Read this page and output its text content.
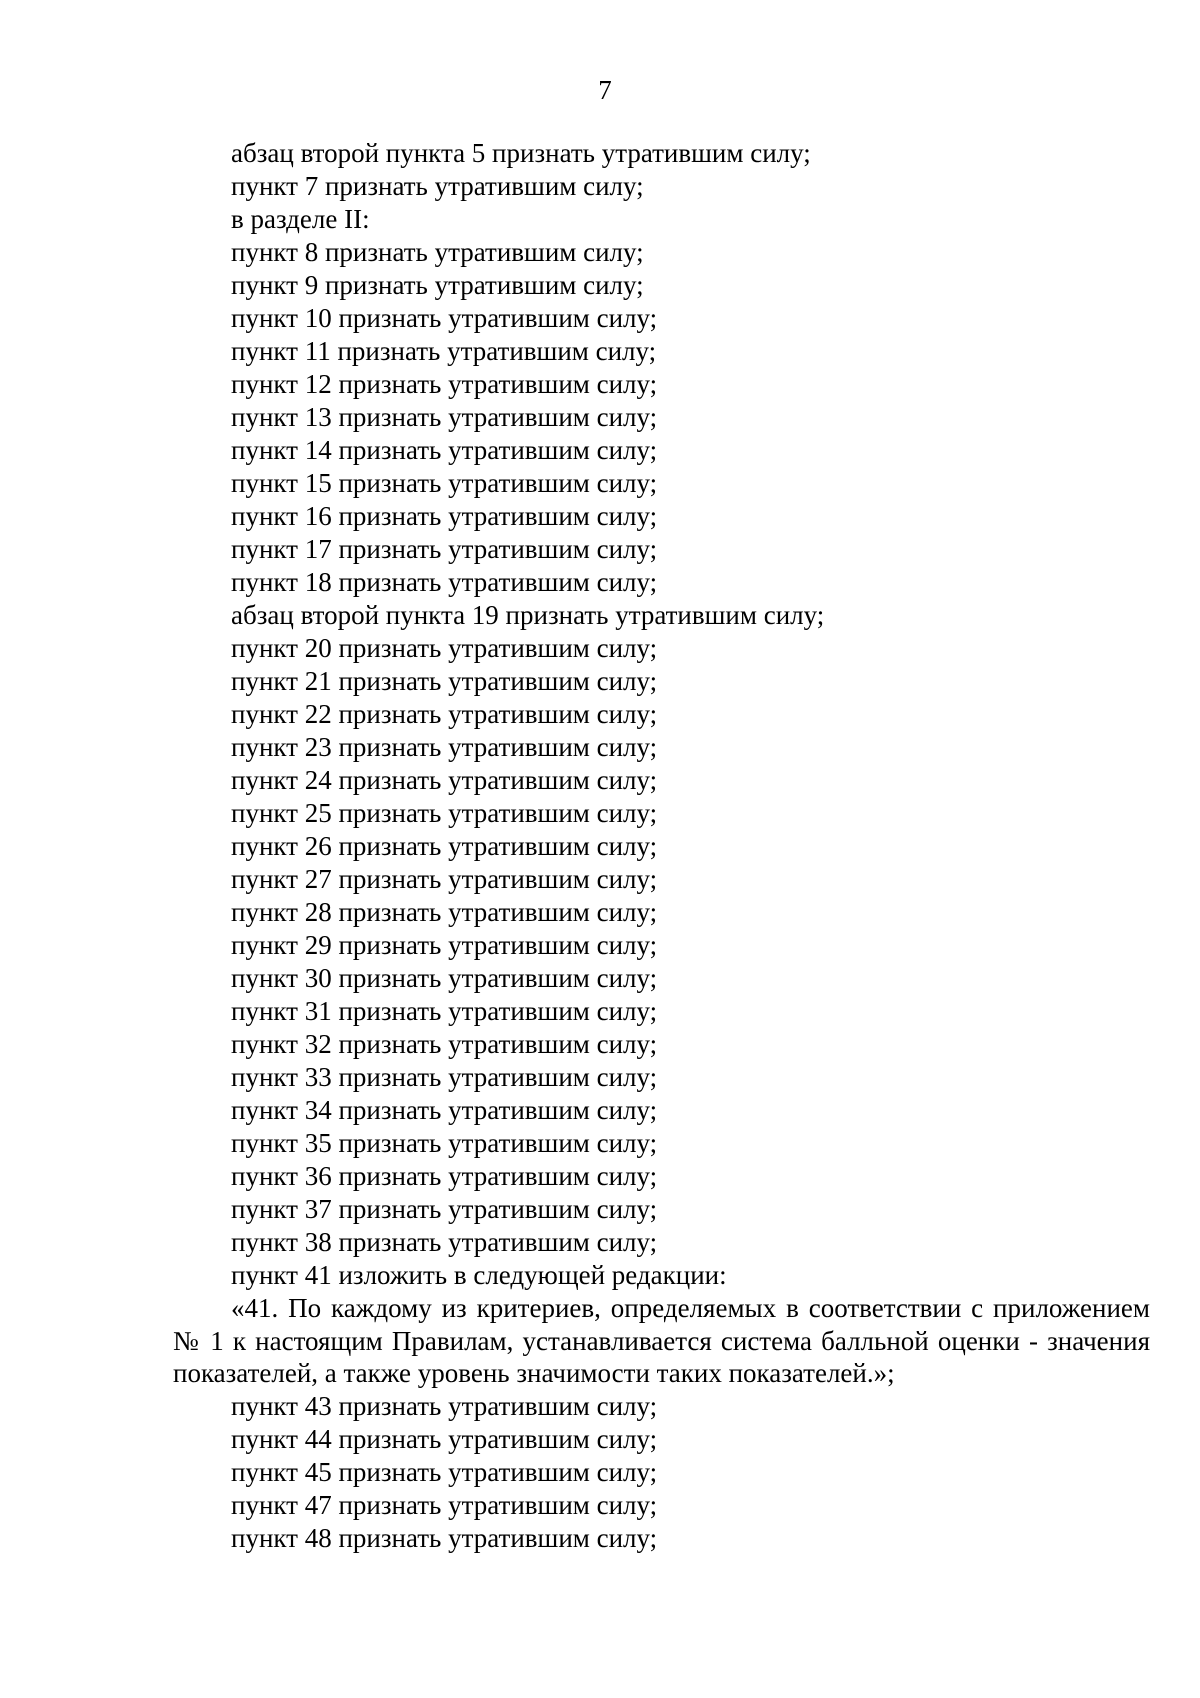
7
абзац второй пункта 5 признать утратившим силу;
пункт 7 признать утратившим силу;
в разделе II:
пункт 8 признать утратившим силу;
пункт 9 признать утратившим силу;
пункт 10 признать утратившим силу;
пункт 11 признать утратившим силу;
пункт 12 признать утратившим силу;
пункт 13 признать утратившим силу;
пункт 14 признать утратившим силу;
пункт 15 признать утратившим силу;
пункт 16 признать утратившим силу;
пункт 17 признать утратившим силу;
пункт 18 признать утратившим силу;
абзац второй пункта 19 признать утратившим силу;
пункт 20 признать утратившим силу;
пункт 21 признать утратившим силу;
пункт 22 признать утратившим силу;
пункт 23 признать утратившим силу;
пункт 24 признать утратившим силу;
пункт 25 признать утратившим силу;
пункт 26 признать утратившим силу;
пункт 27 признать утратившим силу;
пункт 28 признать утратившим силу;
пункт 29 признать утратившим силу;
пункт 30 признать утратившим силу;
пункт 31 признать утратившим силу;
пункт 32 признать утратившим силу;
пункт 33 признать утратившим силу;
пункт 34 признать утратившим силу;
пункт 35 признать утратившим силу;
пункт 36 признать утратившим силу;
пункт 37 признать утратившим силу;
пункт 38 признать утратившим силу;
пункт 41 изложить в следующей редакции:
«41. По каждому из критериев, определяемых в соответствии с приложением № 1 к настоящим Правилам, устанавливается система балльной оценки - значения показателей, а также уровень значимости таких показателей.»;
пункт 43 признать утратившим силу;
пункт 44 признать утратившим силу;
пункт 45 признать утратившим силу;
пункт 47 признать утратившим силу;
пункт 48 признать утратившим силу;
